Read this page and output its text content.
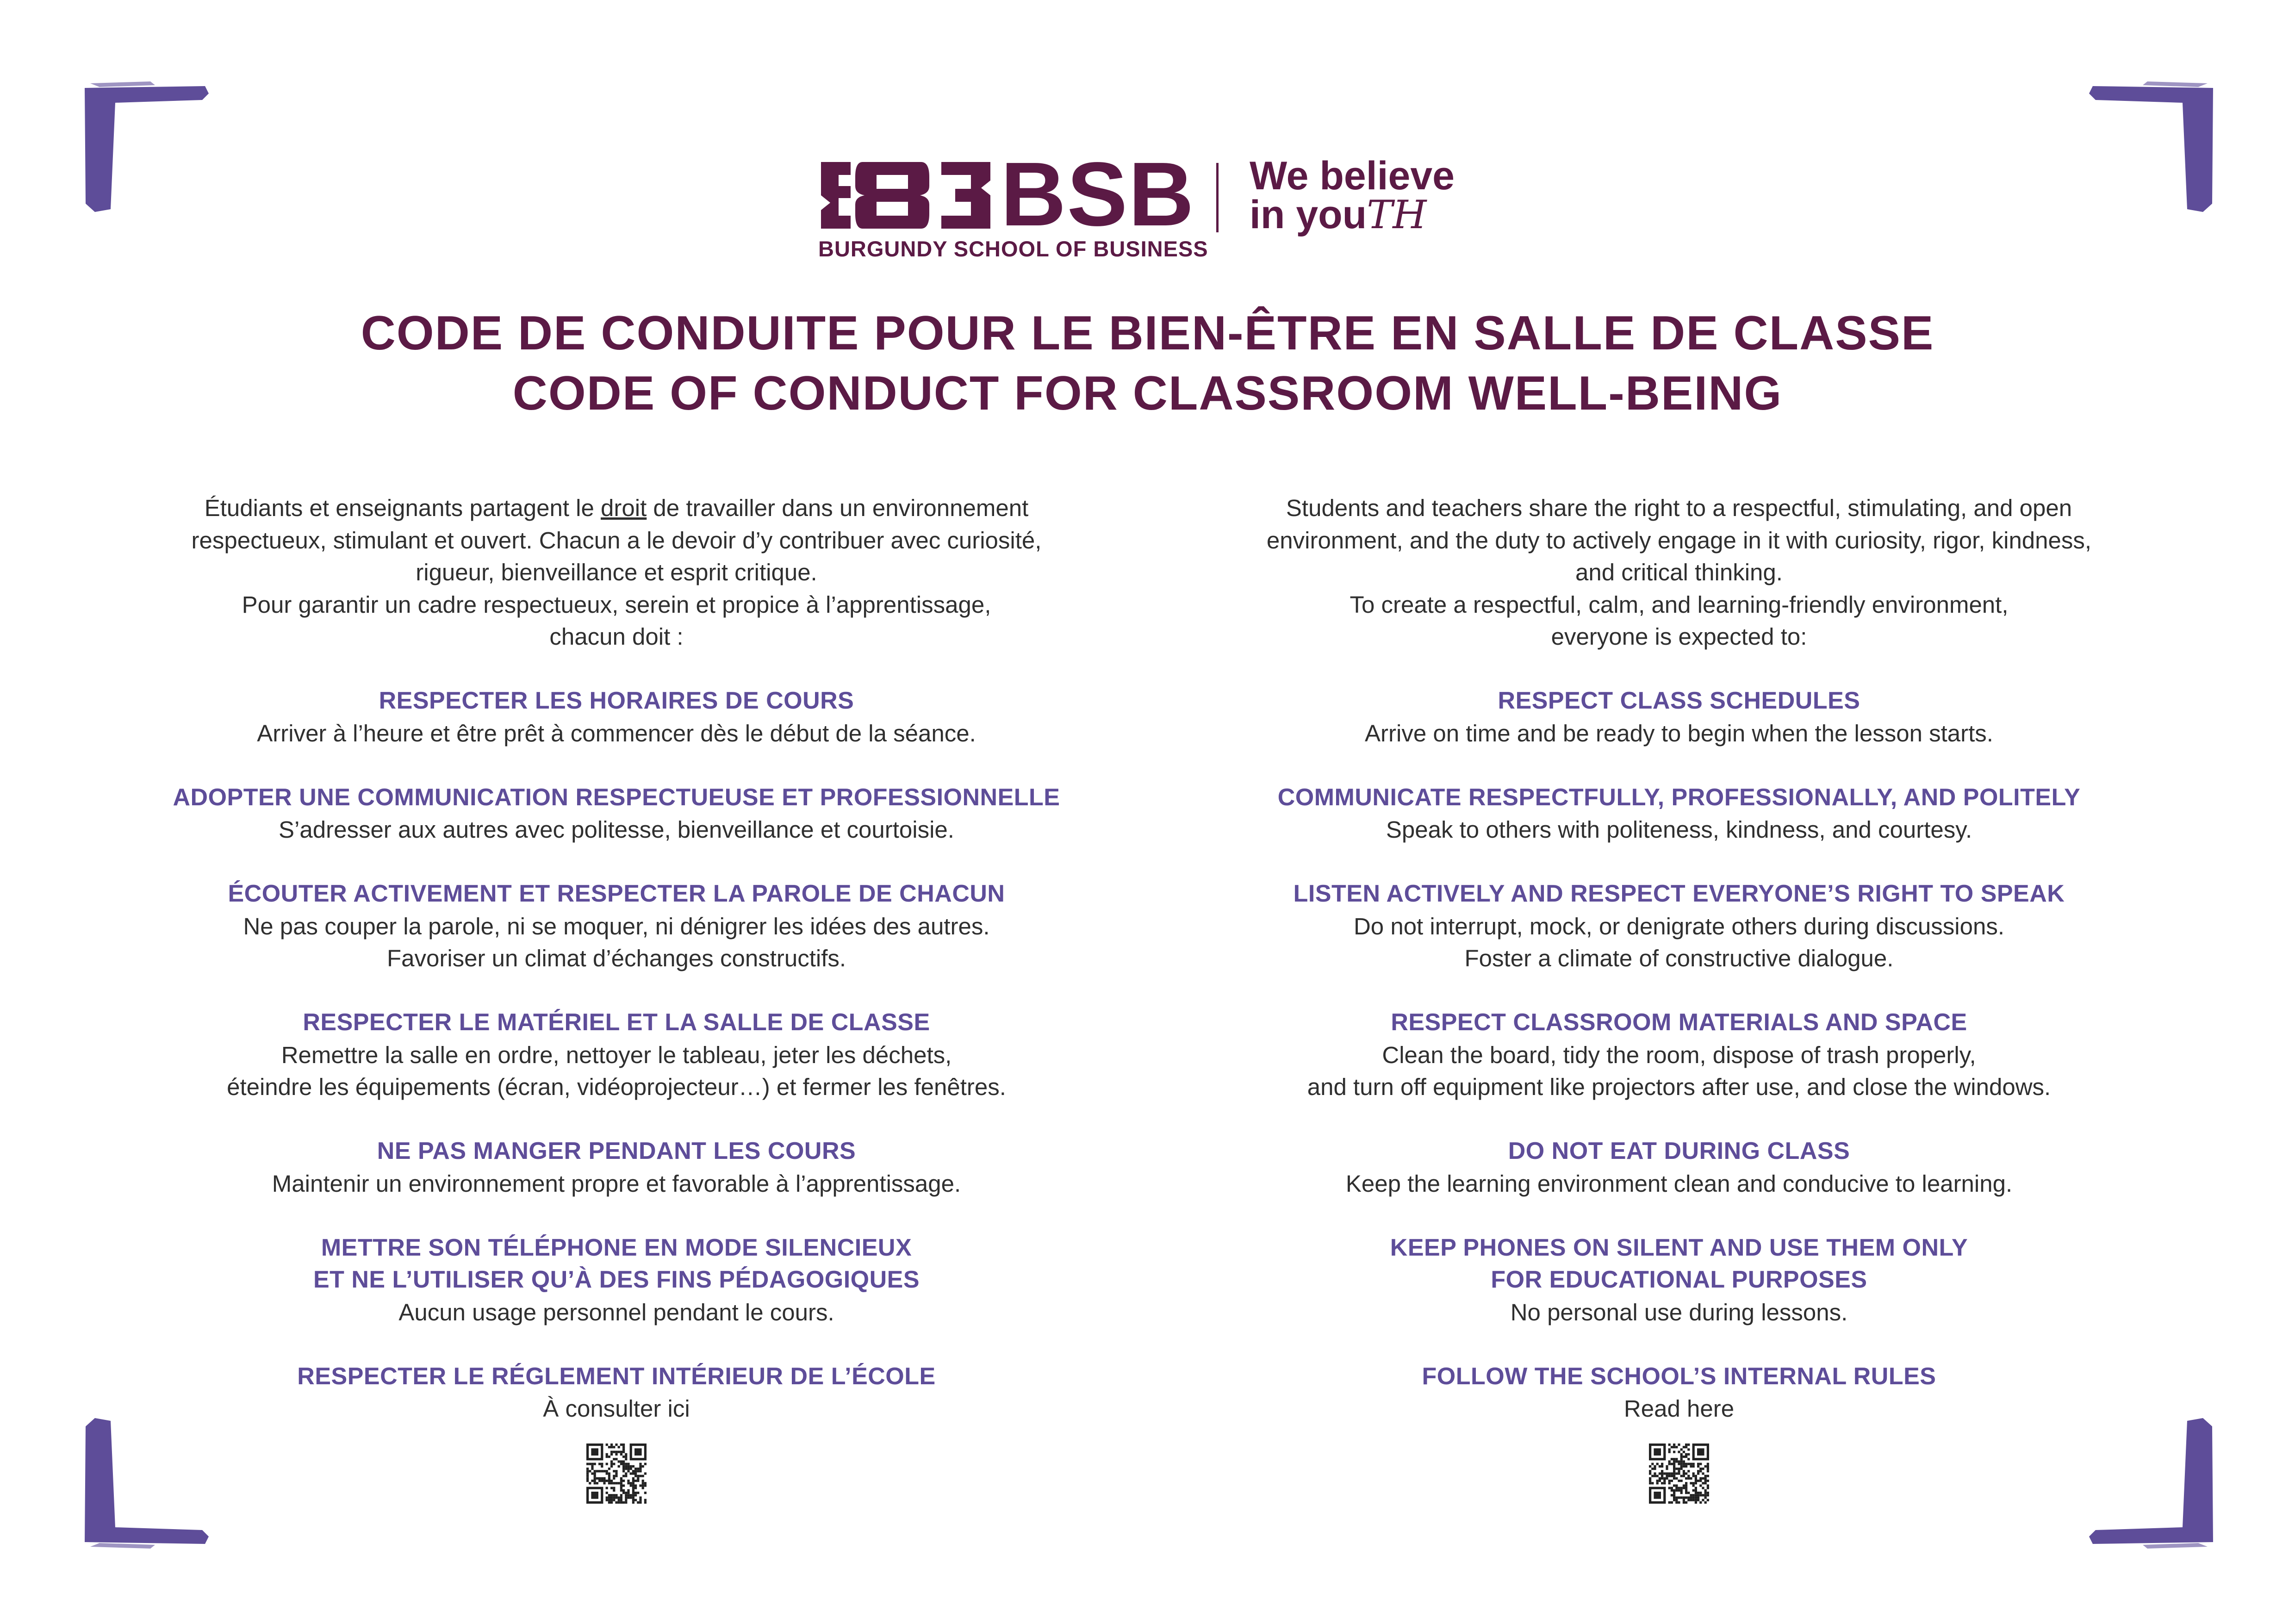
BSB
BURGUNDY SCHOOL OF BUSINESS
We believe
in youTH
CODE DE CONDUITE POUR LE BIEN-ÊTRE EN SALLE DE CLASSE
CODE OF CONDUCT FOR CLASSROOM WELL-BEING

Étudiants et enseignants partagent le droit de travailler dans un environnement

respectueux, stimulant et ouvert. Chacun a le devoir d’y contribuer avec curiosité,

rigueur, bienveillance et esprit critique.

Pour garantir un cadre respectueux, serein et propice à l’apprentissage,

chacun doit :

RESPECTER LES HORAIRES DE COURS

Arriver à l’heure et être prêt à commencer dès le début de la séance.

ADOPTER UNE COMMUNICATION RESPECTUEUSE ET PROFESSIONNELLE

S’adresser aux autres avec politesse, bienveillance et courtoisie.

ÉCOUTER ACTIVEMENT ET RESPECTER LA PAROLE DE CHACUN

Ne pas couper la parole, ni se moquer, ni dénigrer les idées des autres.

Favoriser un climat d’échanges constructifs.

RESPECTER LE MATÉRIEL ET LA SALLE DE CLASSE

Remettre la salle en ordre, nettoyer le tableau, jeter les déchets,

éteindre les équipements (écran, vidéoprojecteur…) et fermer les fenêtres.

NE PAS MANGER PENDANT LES COURS

Maintenir un environnement propre et favorable à l’apprentissage.

METTRE SON TÉLÉPHONE EN MODE SILENCIEUX
ET NE L’UTILISER QU’À DES FINS PÉDAGOGIQUES

Aucun usage personnel pendant le cours.

RESPECTER LE RÉGLEMENT INTÉRIEUR DE L’ÉCOLE

À consulter ici

Students and teachers share the right to a respectful, stimulating, and open

environment, and the duty to actively engage in it with curiosity, rigor, kindness,

and critical thinking.

To create a respectful, calm, and learning-friendly environment,

everyone is expected to:

RESPECT CLASS SCHEDULES

Arrive on time and be ready to begin when the lesson starts.

COMMUNICATE RESPECTFULLY, PROFESSIONALLY, AND POLITELY

Speak to others with politeness, kindness, and courtesy.

LISTEN ACTIVELY AND RESPECT EVERYONE’S RIGHT TO SPEAK

Do not interrupt, mock, or denigrate others during discussions.

Foster a climate of constructive dialogue.

RESPECT CLASSROOM MATERIALS AND SPACE

Clean the board, tidy the room, dispose of trash properly,

and turn off equipment like projectors after use, and close the windows.

DO NOT EAT DURING CLASS

Keep the learning environment clean and conducive to learning.

KEEP PHONES ON SILENT AND USE THEM ONLY
FOR EDUCATIONAL PURPOSES

No personal use during lessons.

FOLLOW THE SCHOOL’S INTERNAL RULES

Read here
